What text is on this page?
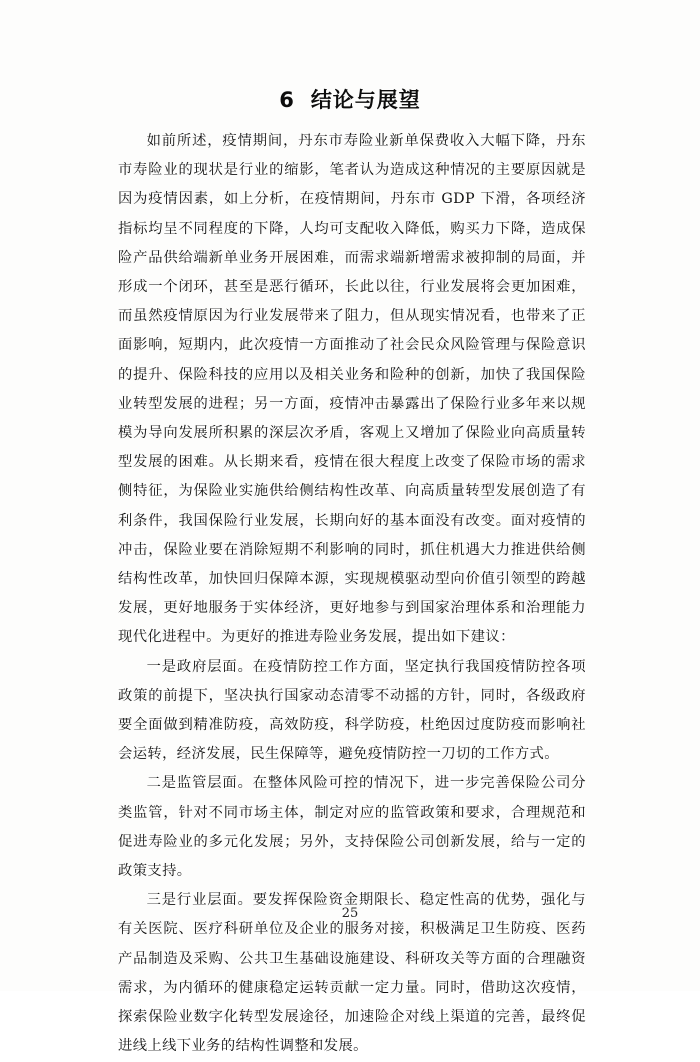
6 结论与展望

如前所述，疫情期间，丹东市寿险业新单保费收入大幅下降，丹东市寿险业的现状是行业的缩影，笔者认为造成这种情况的主要原因就是因为疫情因素，如上分析，在疫情期间，丹东市 GDP 下滑，各项经济指标均呈不同程度的下降，人均可支配收入降低，购买力下降，造成保险产品供给端新单业务开展困难，而需求端新增需求被抑制的局面，并形成一个闭环，甚至是恶行循环，长此以往，行业发展将会更加困难，而虽然疫情原因为行业发展带来了阻力，但从现实情况看，也带来了正面影响，短期内，此次疫情一方面推动了社会民众风险管理与保险意识的提升、保险科技的应用以及相关业务和险种的创新，加快了我国保险业转型发展的进程；另一方面，疫情冲击暴露出了保险行业多年来以规模为导向发展所积累的深层次矛盾，客观上又增加了保险业向高质量转型发展的困难。从长期来看，疫情在很大程度上改变了保险市场的需求侧特征，为保险业实施供给侧结构性改革、向高质量转型发展创造了有利条件，我国保险行业发展，长期向好的基本面没有改变。面对疫情的冲击，保险业要在消除短期不利影响的同时，抓住机遇大力推进供给侧结构性改革，加快回归保障本源，实现规模驱动型向价值引领型的跨越发展，更好地服务于实体经济，更好地参与到国家治理体系和治理能力现代化进程中。为更好的推进寿险业务发展，提出如下建议：

一是政府层面。在疫情防控工作方面，坚定执行我国疫情防控各项政策的前提下，坚决执行国家动态清零不动摇的方针，同时，各级政府要全面做到精准防疫，高效防疫，科学防疫，杜绝因过度防疫而影响社会运转，经济发展，民生保障等，避免疫情防控一刀切的工作方式。

二是监管层面。在整体风险可控的情况下，进一步完善保险公司分类监管，针对不同市场主体，制定对应的监管政策和要求，合理规范和促进寿险业的多元化发展；另外，支持保险公司创新发展，给与一定的政策支持。

三是行业层面。要发挥保险资金期限长、稳定性高的优势，强化与有关医院、医疗科研单位及企业的服务对接，积极满足卫生防疫、医药产品制造及采购、公共卫生基础设施建设、科研攻关等方面的合理融资需求，为内循环的健康稳定运转贡献一定力量。同时，借助这次疫情，探索保险业数字化转型发展途径，加速险企对线上渠道的完善，最终促进线上线下业务的结构性调整和发展。

25
